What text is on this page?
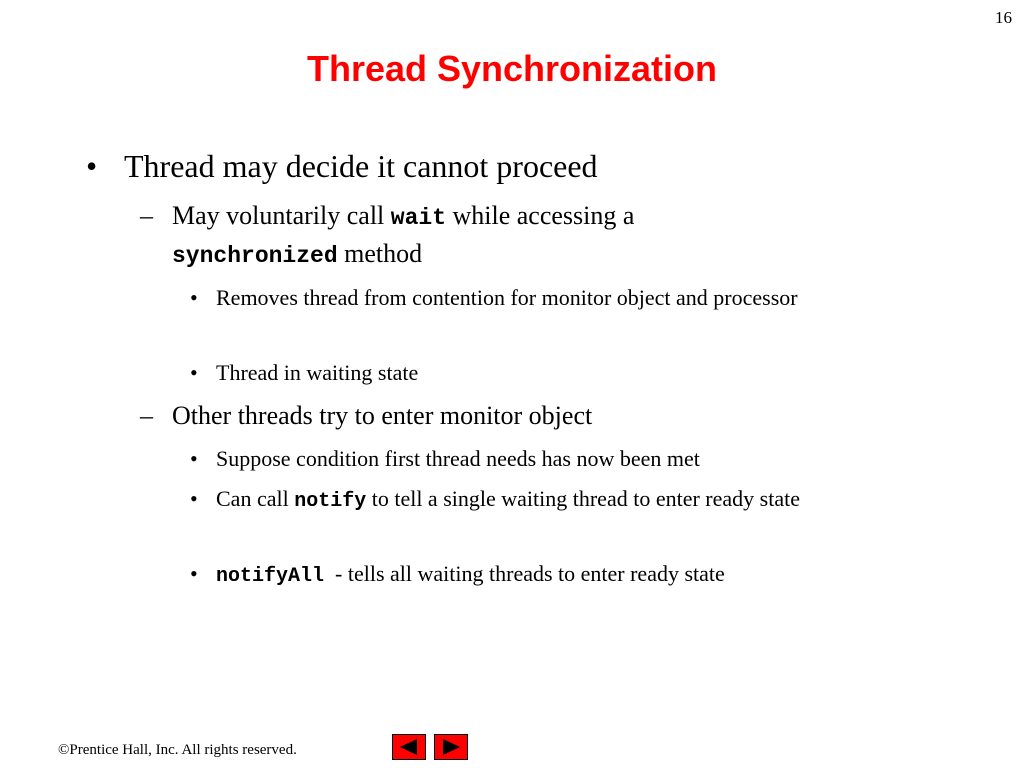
16
Thread Synchronization
• Thread may decide it cannot proceed
– May voluntarily call wait while accessing a
synchronized method
• Removes thread from contention for monitor object and processor
• Thread in waiting state
– Other threads try to enter monitor object
• Suppose condition first thread needs has now been met
• Can call notify to tell a single waiting thread to enter ready state
• notifyAll  - tells all waiting threads to enter ready state
©Prentice Hall, Inc. All rights reserved.
